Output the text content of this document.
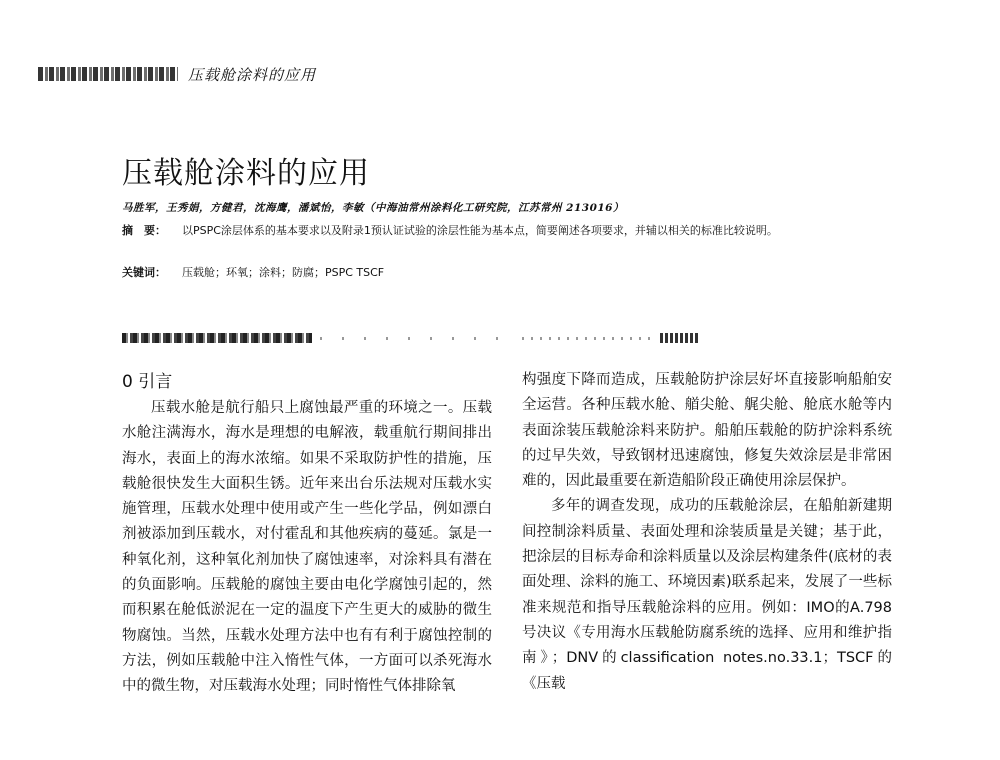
压载舱涂料的应用
压载舱涂料的应用
马胜军，王秀娟，方健君，沈海鹰，潘斌怡，李敏（中海油常州涂料化工研究院，江苏常州 213016）
摘　要：	以PSPC涂层体系的基本要求以及附录1预认证试验的涂层性能为基本点，简要阐述各项要求，并辅以相关的标准比较说明。
关键词：	压载舱；环氧；涂料；防腐；PSPC TSCF
0 引言

压载水舱是航行船只上腐蚀最严重的环境之一。压载水舱注满海水，海水是理想的电解液，载重航行期间排出海水，表面上的海水浓缩。如果不采取防护性的措施，压载舱很快发生大面积生锈。近年来出台乐法规对压载水实施管理，压载水处理中使用或产生一些化学品，例如漂白剂被添加到压载水，对付霍乱和其他疾病的蔓延。氯是一种氧化剂，这种氧化剂加快了腐蚀速率，对涂料具有潜在的负面影响。压载舱的腐蚀主要由电化学腐蚀引起的，然而积累在舱低淤泥在一定的温度下产生更大的威胁的微生物腐蚀。当然，压载水处理方法中也有有利于腐蚀控制的方法，例如压载舱中注入惰性气体，一方面可以杀死海水中的微生物，对压载海水处理；同时惰性气体排除氧

构强度下降而造成，压载舱防护涂层好坏直接影响船舶安全运营。各种压载水舱、艏尖舱、艉尖舱、舱底水舱等内表面涂装压载舱涂料来防护。船舶压载舱的防护涂料系统的过早失效，导致钢材迅速腐蚀，修复失效涂层是非常困难的，因此最重要在新造船阶段正确使用涂层保护。

多年的调查发现，成功的压载舱涂层，在船舶新建期间控制涂料质量、表面处理和涂装质量是关键；基于此，把涂层的目标寿命和涂料质量以及涂层构建条件(底材的表面处理、涂料的施工、环境因素)联系起来，发展了一些标准来规范和指导压载舱涂料的应用。例如：IMO的A.798号决议《专用海水压载舱防腐系统的选择、应用和维护指南》；DNV的classification notes.no.33.1；TSCF的《压载
